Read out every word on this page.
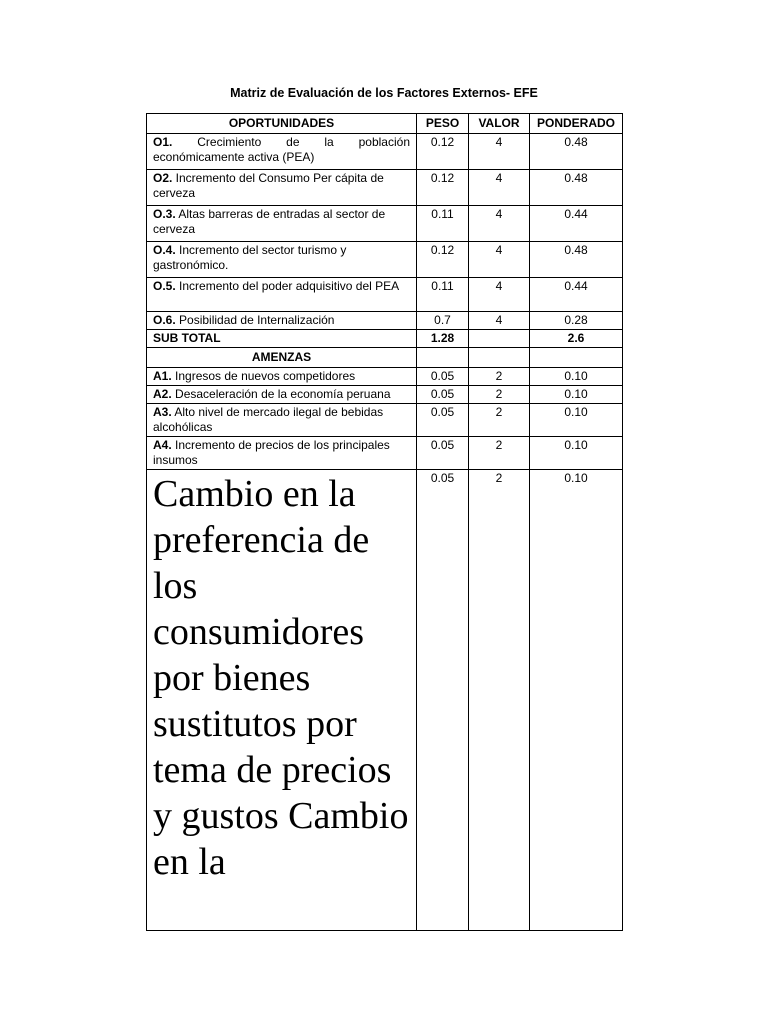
Matriz de Evaluación de los Factores Externos- EFE
OPORTUNIDADES	PESO	VALOR	PONDERADO

O1. Crecimiento de la población
económicamente activa (PEA)	0.12	4	0.48
O2. Incremento del Consumo Per cápita de cerveza	0.12	4	0.48
O.3. Altas barreras de entradas al sector de cerveza	0.11	4	0.44
O.4. Incremento del sector turismo y gastronómico.	0.12	4	0.48
O.5. Incremento del poder adquisitivo del PEA	0.11	4	0.44
O.6. Posibilidad de Internalización	0.7	4	0.28
SUB TOTAL	1.28		2.6
AMENZAS			
A1. Ingresos de nuevos competidores	0.05	2	0.10
A2. Desaceleración de la economía peruana	0.05	2	0.10
A3. Alto nivel de mercado ilegal de bebidas alcohólicas	0.05	2	0.10
A4. Incremento de precios de los principales insumos	0.05	2	0.10

Cambio en la preferencia de los consumidores por bienes sustitutos por tema de precios y gustos Cambio en la	0.05	2	0.10
